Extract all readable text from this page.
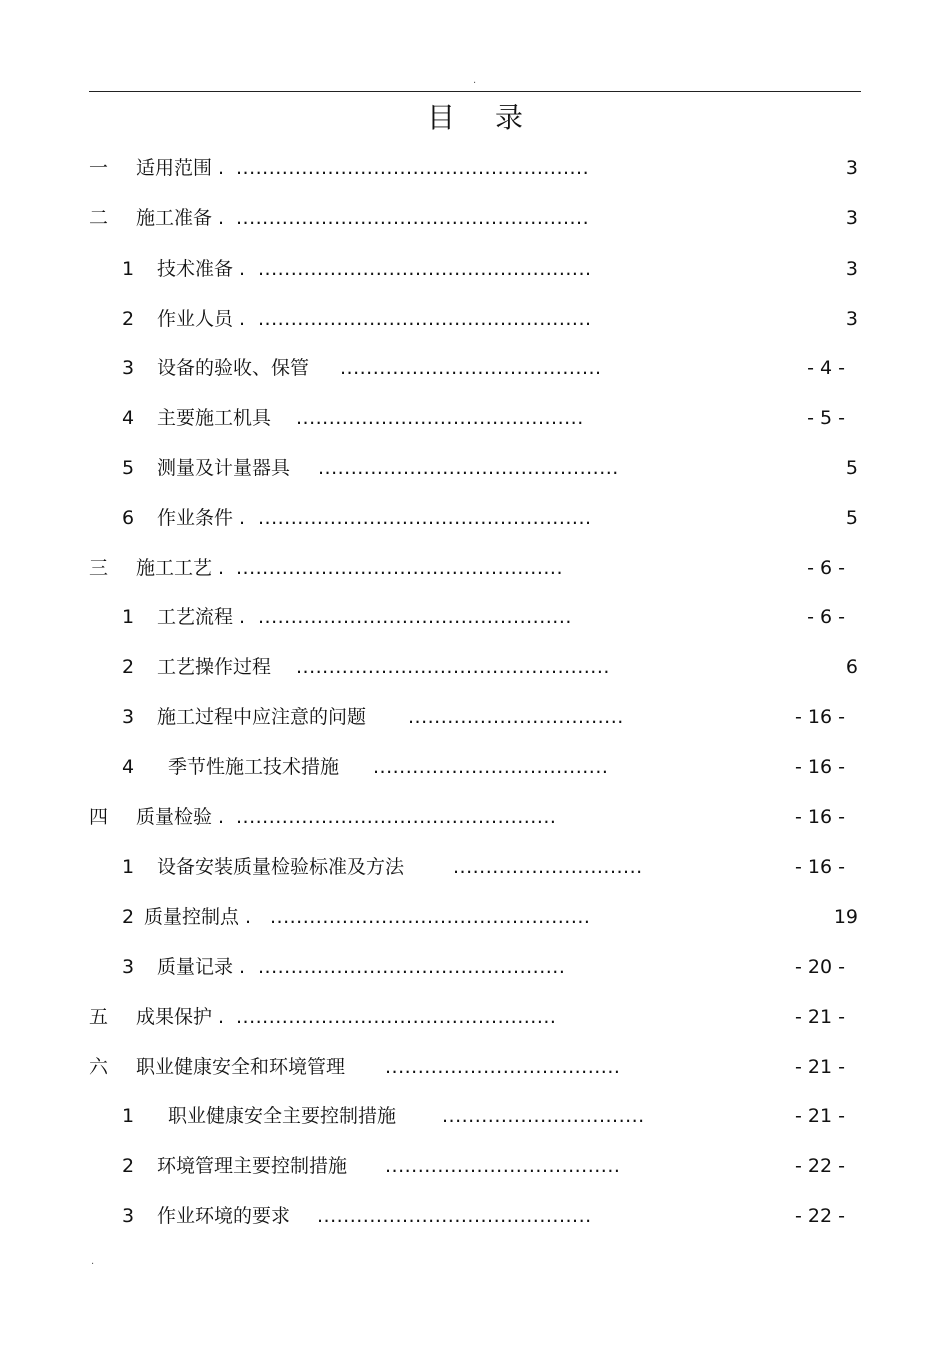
.
目录
一 适用范围 . ......................................................	3
二 施工准备 . ......................................................	3
1 技术准备 . ...................................................	3
2 作业人员 . ...................................................	3
3 设备的验收、保管 ........................................	- 4 -
4 主要施工机具 ............................................	- 5 -
5 测量及计量器具 ..............................................	5
6 作业条件 . ...................................................	5
三 施工工艺 . ..................................................	- 6 -
1 工艺流程 . ................................................	- 6 -
2 工艺操作过程 ................................................	6
3 施工过程中应注意的问题 .................................	- 16 -
4 季节性施工技术措施 ....................................	- 16 -
四 质量检验 . .................................................	- 16 -
1 设备安装质量检验标准及方法	.............................	- 16 -
2 质量控制点 . .................................................	19
3 质量记录 . ...............................................	- 20 -
五 成果保护 . .................................................	- 21 -
六 职业健康安全和环境管理 ....................................	- 21 -
1 职业健康安全主要控制措施 ...............................	- 21 -
2 环境管理主要控制措施 ....................................	- 22 -
3 作业环境的要求 ..........................................	- 22 -
.
